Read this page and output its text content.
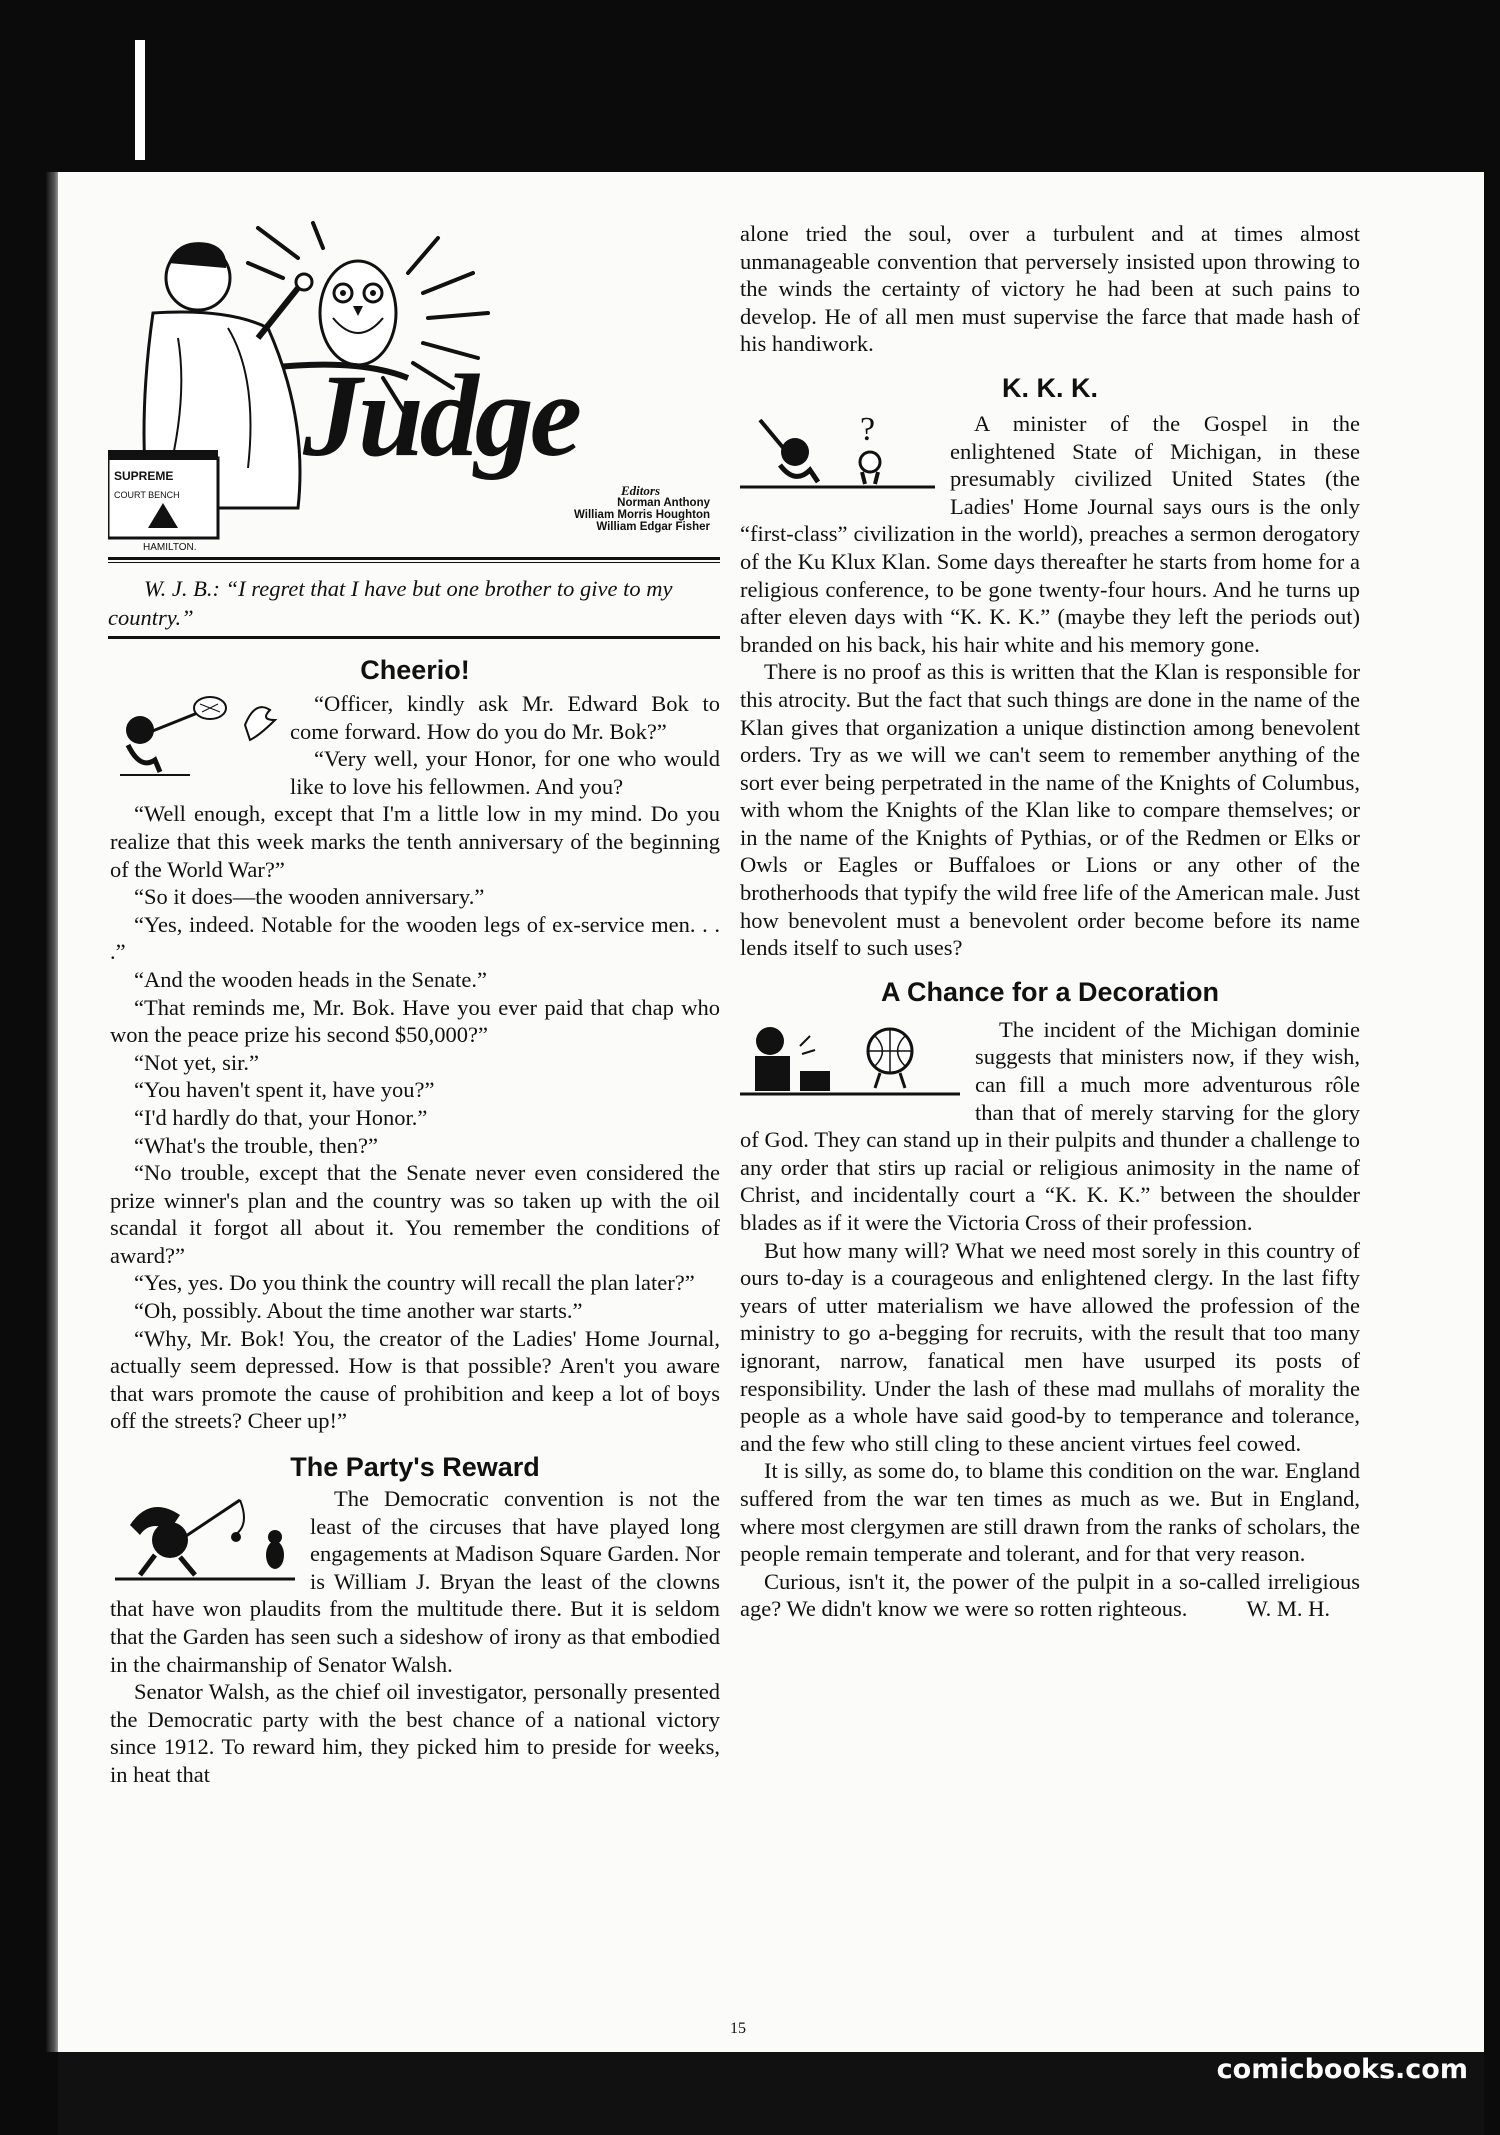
SUPREME
COURT BENCH
HAMILTON.
Judge
Editors
Norman Anthony
William Morris Houghton
William Edgar Fisher

W. J. B.: “I regret that I have but one brother to give to my country.”

Cheerio!

“Officer, kindly ask Mr. Edward Bok to come forward. How do you do Mr. Bok?”

“Very well, your Honor, for one who would like to love his fellowmen. And you?

“Well enough, except that I'm a little low in my mind. Do you realize that this week marks the tenth anniversary of the beginning of the World War?”

“So it does—the wooden anniversary.”

“Yes, indeed. Notable for the wooden legs of ex-service men. . . .”

“And the wooden heads in the Senate.”

“That reminds me, Mr. Bok. Have you ever paid that chap who won the peace prize his second $50,000?”

“Not yet, sir.”

“You haven't spent it, have you?”

“I'd hardly do that, your Honor.”

“What's the trouble, then?”

“No trouble, except that the Senate never even considered the prize winner's plan and the country was so taken up with the oil scandal it forgot all about it. You remember the conditions of award?”

“Yes, yes. Do you think the country will recall the plan later?”

“Oh, possibly. About the time another war starts.”

“Why, Mr. Bok! You, the creator of the Ladies' Home Journal, actually seem depressed. How is that possible? Aren't you aware that wars promote the cause of prohibition and keep a lot of boys off the streets? Cheer up!”

The Party's Reward

The Democratic convention is not the least of the circuses that have played long engagements at Madison Square Garden. Nor is William J. Bryan the least of the clowns that have won plaudits from the multitude there. But it is seldom that the Garden has seen such a sideshow of irony as that embodied in the chairmanship of Senator Walsh.

Senator Walsh, as the chief oil investigator, personally presented the Democratic party with the best chance of a national victory since 1912. To reward him, they picked him to preside for weeks, in heat that

alone tried the soul, over a turbulent and at times almost unmanageable convention that perversely insisted upon throwing to the winds the certainty of victory he had been at such pains to develop. He of all men must supervise the farce that made hash of his handiwork.

K. K. K.
?	A minister of the Gospel in the enlightened State of Michigan, in these presumably civilized United States (the Ladies' Home Journal says ours is the only “first-class” civilization in the world), preaches a sermon derogatory of the Ku Klux Klan. Some days thereafter he starts from home for a religious conference, to be gone twenty-four hours. And he turns up after eleven days with “K. K. K.” (maybe they left the periods out) branded on his back, his hair white and his memory gone.

There is no proof as this is written that the Klan is responsible for this atrocity. But the fact that such things are done in the name of the Klan gives that organization a unique distinction among benevolent orders. Try as we will we can't seem to remember anything of the sort ever being perpetrated in the name of the Knights of Columbus, with whom the Knights of the Klan like to compare themselves; or in the name of the Knights of Pythias, or of the Redmen or Elks or Owls or Eagles or Buffaloes or Lions or any other of the brotherhoods that typify the wild free life of the American male. Just how benevolent must a benevolent order become before its name lends itself to such uses?

A Chance for a Decoration

The incident of the Michigan dominie suggests that ministers now, if they wish, can fill a much more adventurous rôle than that of merely starving for the glory of God. They can stand up in their pulpits and thunder a challenge to any order that stirs up racial or religious animosity in the name of Christ, and incidentally court a “K. K. K.” between the shoulder blades as if it were the Victoria Cross of their profession.

But how many will? What we need most sorely in this country of ours to-day is a courageous and enlightened clergy. In the last fifty years of utter materialism we have allowed the profession of the ministry to go a-begging for recruits, with the result that too many ignorant, narrow, fanatical men have usurped its posts of responsibility. Under the lash of these mad mullahs of morality the people as a whole have said good-by to temperance and tolerance, and the few who still cling to these ancient virtues feel cowed.

It is silly, as some do, to blame this condition on the war. England suffered from the war ten times as much as we. But in England, where most clergymen are still drawn from the ranks of scholars, the people remain temperate and tolerant, and for that very reason.

Curious, isn't it, the power of the pulpit in a so-called irreligious age? We didn't know we were so rotten righteous.	W. M. H.

15
comicbooks.com
